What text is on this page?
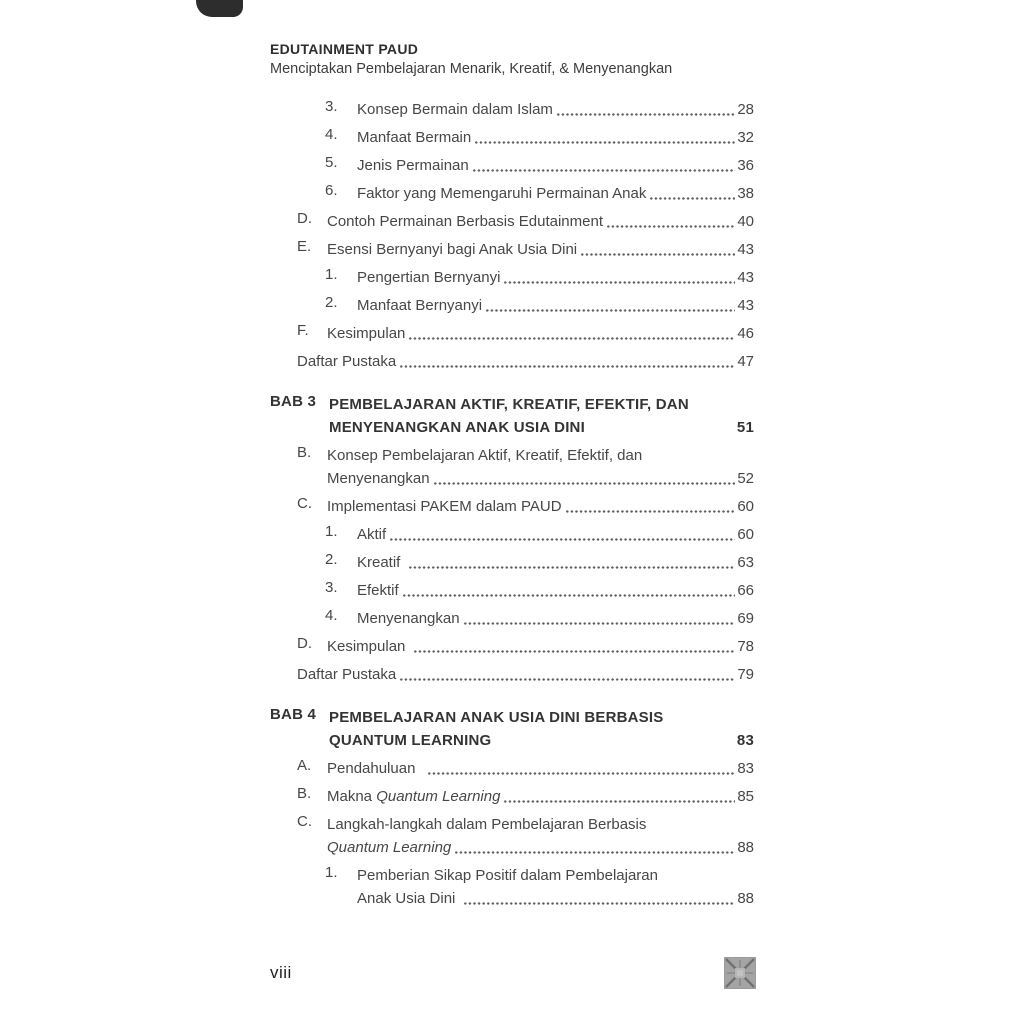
EDUTAINMENT PAUD
Menciptakan Pembelajaran Menarik, Kreatif, & Menyenangkan
3.	Konsep Bermain dalam Islam	28
4.	Manfaat Bermain	32
5.	Jenis Permainan	36
6.	Faktor yang Memengaruhi Permainan Anak	38
D.	Contoh Permainan Berbasis Edutainment	40
E.	Esensi Bernyanyi bagi Anak Usia Dini	43
1.	Pengertian Bernyanyi	43
2.	Manfaat Bernyanyi	43
F.	Kesimpulan	46
Daftar Pustaka	47
BAB 3 PEMBELAJARAN AKTIF, KREATIF, EFEKTIF, DAN
MENYENANGKAN ANAK USIA DINI	51
B.	Konsep Pembelajaran Aktif, Kreatif, Efektif, dan
Menyenangkan	52
C.	Implementasi PAKEM dalam PAUD	60
1.	Aktif	60
2.	Kreatif	63
3.	Efektif	66
4.	Menyenangkan	69
D.	Kesimpulan	78
Daftar Pustaka	79
BAB 4 PEMBELAJARAN ANAK USIA DINI BERBASIS
QUANTUM LEARNING	83
A.	Pendahuluan	83
B.	Makna Quantum Learning	85
C.	Langkah-langkah dalam Pembelajaran Berbasis
Quantum Learning	88
1.	Pemberian Sikap Positif dalam Pembelajaran
Anak Usia Dini	88
viii
